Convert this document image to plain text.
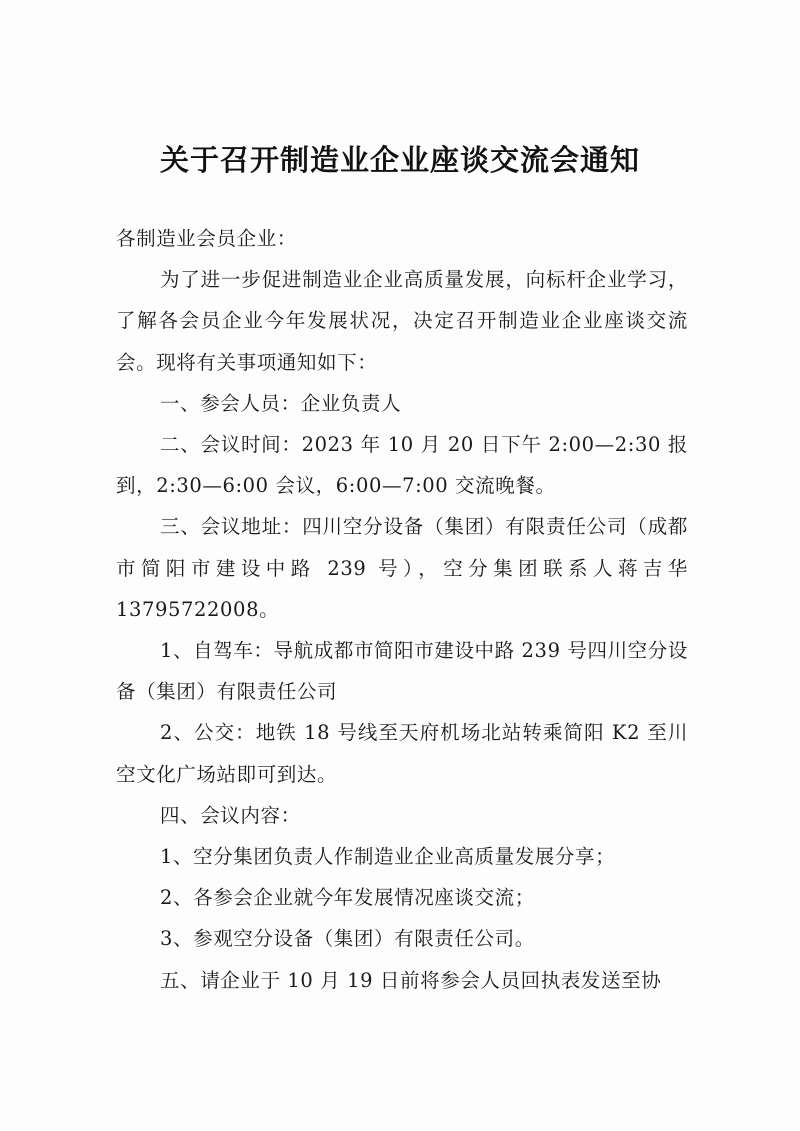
关于召开制造业企业座谈交流会通知

各制造业会员企业：

为了进一步促进制造业企业高质量发展，向标杆企业学习，了解各会员企业今年发展状况，决定召开制造业企业座谈交流会。现将有关事项通知如下：

一、参会人员：企业负责人

二、会议时间：2023 年 10 月 20 日下午 2:00—2:30 报到，2:30—6:00 会议，6:00—7:00 交流晚餐。

三、会议地址：四川空分设备（集团）有限责任公司（成都市简阳市建设中路 239 号），空分集团联系人蒋吉华13795722008。

1、自驾车：导航成都市简阳市建设中路 239 号四川空分设备（集团）有限责任公司

2、公交：地铁 18 号线至天府机场北站转乘简阳 K2 至川空文化广场站即可到达。

四、会议内容：

1、空分集团负责人作制造业企业高质量发展分享；

2、各参会企业就今年发展情况座谈交流；

3、参观空分设备（集团）有限责任公司。

五、请企业于 10 月 19 日前将参会人员回执表发送至协
